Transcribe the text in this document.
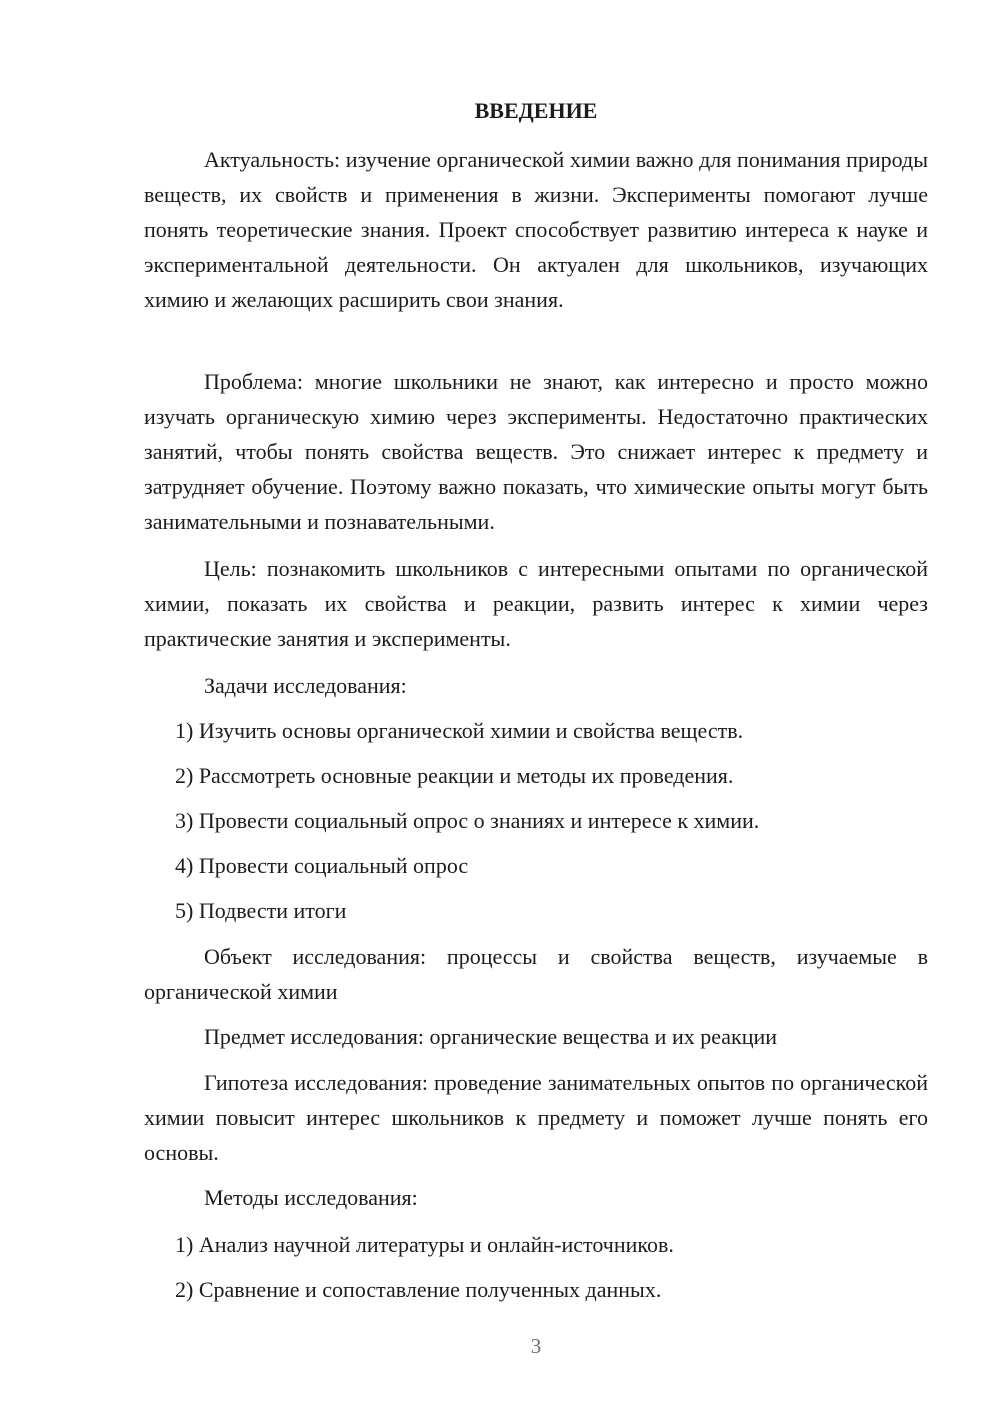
ВВЕДЕНИЕ

Актуальность: изучение органической химии важно для понимания природы веществ, их свойств и применения в жизни. Эксперименты помогают лучше понять теоретические знания. Проект способствует развитию интереса к науке и экспериментальной деятельности. Он актуален для школьников, изучающих химию и желающих расширить свои знания.

Проблема: многие школьники не знают, как интересно и просто можно изучать органическую химию через эксперименты. Недостаточно практических занятий, чтобы понять свойства веществ. Это снижает интерес к предмету и затрудняет обучение. Поэтому важно показать, что химические опыты могут быть занимательными и познавательными.

Цель: познакомить школьников с интересными опытами по органической химии, показать их свойства и реакции, развить интерес к химии через практические занятия и эксперименты.

Задачи исследования:

1) Изучить основы органической химии и свойства веществ.

2) Рассмотреть основные реакции и методы их проведения.

3) Провести социальный опрос о знаниях и интересе к химии.

4) Провести социальный опрос

5) Подвести итоги

Объект исследования: процессы и свойства веществ, изучаемые в органической химии

Предмет исследования: органические вещества и их реакции

Гипотеза исследования: проведение занимательных опытов по органической химии повысит интерес школьников к предмету и поможет лучше понять его основы.

Методы исследования:

1) Анализ научной литературы и онлайн-источников.

2) Сравнение и сопоставление полученных данных.

3
